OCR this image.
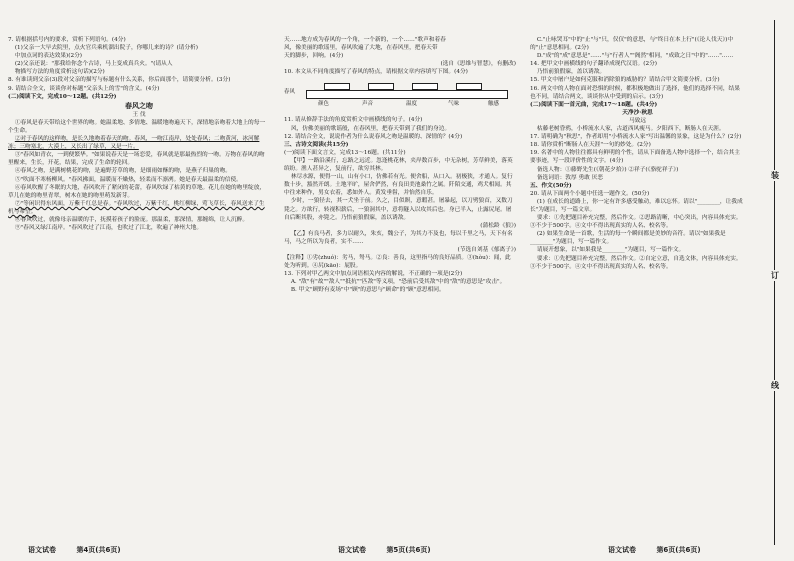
7. 请根据括号内的要求，赏析下列语句。(4分)

(1)父亲一大早去院里，点火官兵乘机溜出院子，你哪儿来的诗？(请分析)

中加点词的表达效果)(2分)

(2)父亲还说："那我给你念个古诗，马上变成真兵火。"(请从人

物描写方法的角度赏析这句话)(2分)

8. 有谁读到父亲(3)段对父亲的描写与标题有什么关系，你后面那个，请简要分析。(3分)

9. 请结合全文，谈谈你对标题"父亲头上的雪"的含义。(4分)

(二)阅读下文，完成10～12题。(共12分)

春风之吻

王 伐

①春风是春天带给这个世界的吻。她温柔地、多情地、温暖地吻遍天下，深情地亲吻着大地上的每一个生命。

②对于春风的这样吻，是长久地吻着春天的吻。春风，一吻江南岸，处处春风；二吻黄河，冰河解冻；三吻塞北，大漠上，又长出了绿草，又是一片。

③"春风如青衣，一到便繁华。"如果说春天是一场恋爱，春风就是那最热烈的一吻。万物在春风的吻里醒来，生长，开花，结果，完成了生命的轮回。

④春风之吻，是满树桃花的吻，是遍野芳草的吻，是细雨如酥的吻，是燕子归巢的吻。

⑤"吹面不寒杨柳风。"春风拂面，温暖而不燥热，轻柔而不凛冽。她是春天最温柔的信使。

⑥春风吹醒了冬眠的大地，春风吹开了紧闭的花蕾，春风吹绿了枯黄的草地。花儿在她的吻里绽放，草儿在她的吻里青翠，树木在她的吻里萌发新芽。

⑦"等闲识得东风面，万紫千红总是春。"春风吹过，万紫千红，桃红柳绿，莺飞草长，春风送来了生机与希望。

⑧春风吹过，就像母亲温暖的手，抚摸着孩子的脸庞。那温柔，那深情，那缠绵，让人沉醉。

⑨"春风又绿江南岸。"春风吹过了江南，也吹过了江北，吹遍了神州大地。

语文试卷	第4页(共6页)

天……地方成为春风的一个角，一个新的，一个……"歌声和着春

风，像美丽的歌谣里，春风吹遍了大地，在春风里，把春天带

天的脚步，回响。(4分)

(选自《思维与智慧》，有删改)

10. 本文从不同角度描写了春风的特点，请根据文章内容填写下图。(4分)

春风
颜色	声音	温度	气味	触感

11. 请从修辞手法的角度赏析文中画横线的句子。(4分)

风，仿佛美丽的歌谣般，在春风里，把春天带到了我们的身边。

12. 请结合全文，说说作者为什么说春风之吻是温暖的、深情的？(4分)

三、古诗文阅读(共15分)

(一)阅读下面文言文，完成13～16题。(共11分)

【甲】一路沿溪行，忘路之远近。忽逢桃花林，夹岸数百步，中无杂树，芳草鲜美，落英缤纷。渔人甚异之，复前行，欲穷其林。

林尽水源，便得一山，山有小口，仿佛若有光。便舍船，从口入。初极狭，才通人。复行数十步，豁然开朗。土地平旷，屋舍俨然，有良田美池桑竹之属。阡陌交通，鸡犬相闻。其中往来种作，男女衣着，悉如外人。黄发垂髫，并怡然自乐。

少时，一狼径去，其一犬坐于前。久之，目似瞑，意暇甚。屠暴起，以刀劈狼首，又数刀毙之。方欲行，转视积薪后，一狼洞其中，意将隧入以攻其后也。身已半入，止露尻尾。屠自后断其股，亦毙之。乃悟前狼假寐，盖以诱敌。

(蒲松龄《狼》)

【乙】有良马者，多力以耐久，朱亥，魏公子，为其力不及也，每以千里之马，天下有名马，马之所以为良者，实不……

(节选自刘基《郁离子》)

【注释】①劣(zhuó)：劣马，驽马。②良：善良，这里指马的良好品质。③(hòu)：闻，此处为听到。④尻(kāo)：屁股。

13. 下列对甲乙两文中加点词语相关内容的解说，不正确的一项是(2分)

A. "敌"有"故""敌人""抵抗""匹敌"等义项，"恐前后受其敌"中的"敌"的意思是"攻击"。

B. 甲文"顾野有麦场"中"顾"的意思与"顾命"的"顾"意思相同。

语文试卷	第5页(共6页)

C."止咏哭耳"中的"止"与"只，仅仅"的意思，与"终日在本上行"(《论人伐天》)中的"止"意思相同。(2分)

D."成"的"成"意思是"……"与"行者人""阁然"相同，"成致之日"中的"……"……

14. 把甲文中画横线的句子翻译成现代汉语。(2分)

乃悟前狼假寐，盖以诱敌。

15. 甲文中屠户是如何克服和消除狼的威胁的？请结合甲文简要分析。(3分)

16. 两文中的人物在面对恐惧的时候，都积极地做出了选择，他们的选择不同，结果也不同，请结合两文，谈谈你从中受到的启示。(3分)

(二)阅读下面一首元曲，完成17～18题。(共4分)

天净沙·秋思

马致远

枯藤老树昏鸦，小桥流水人家，古道西风瘦马。夕阳西下，断肠人在天涯。

17. 请明确为"秋思"，作者却用"小桥流水人家"写出温馨的景象，这是为什么？(2分)

18. 请你赏析"断肠人在天涯"一句的妙处。(2分)

19. 名著中的人物往往都具有鲜明的个性，请从下面备选人物中选择一个，结合其主要事迹，写一段评价性的文字。(4分)

备选人物：①藤野先生(《朝花夕拾》) ②祥子(《骆驼祥子》)

备选词语：敦厚 勇敢 厌恶

五、作文(50分)

20. 请从下面两个小题中任选一题作文。(50分)

(1) 在成长的道路上，你一定有许多感受触动，难以忘怀。请以"________，让我成长"为题目，写一篇文章。

要求：①先把题目补充完整，然后作文。②思路清晰，中心突出，内容具体充实。③不少于500字。④文中不得出现真实的人名、校名等。

(2) 如果生命是一首歌，生活的每一个瞬间都是美妙的音符。请以"如果我是________"为题目，写一篇作文。

请展开想象，以"如果我是________"为题目，写一篇作文。

要求：①先把题目补充完整，然后作文。②自定立意，自选文体，内容具体充实。③不少于500字。④文中不得出现真实的人名、校名等。

语文试卷	第6页(共6页)
装
订
线
